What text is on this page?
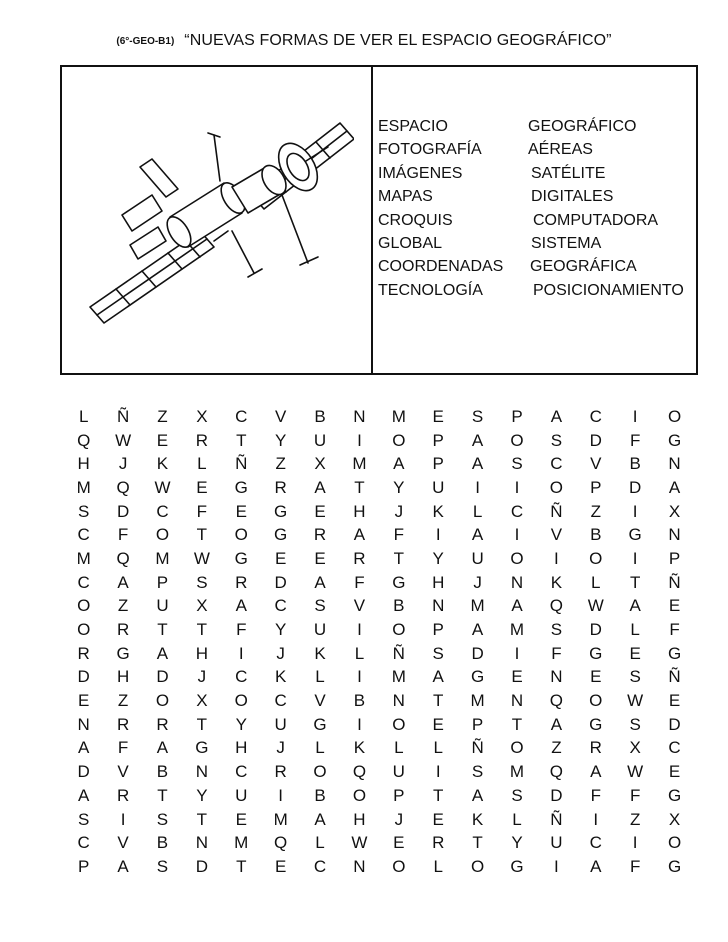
(6°-GEO-B1) “NUEVAS FORMAS DE VER EL ESPACIO GEOGRÁFICO”
ESPACIO	GEOGRÁFICO
FOTOGRAFÍA	AÉREAS
IMÁGENES	SATÉLITE
MAPAS	DIGITALES
CROQUIS	COMPUTADORA
GLOBAL	SISTEMA
COORDENADAS	GEOGRÁFICA
TECNOLOGÍA	POSICIONAMIENTO
L	Ñ	Z	X	C	V	B	N	M	E	S	P	A	C	I	O
Q	W	E	R	T	Y	U	I	O	P	A	O	S	D	F	G
H	J	K	L	Ñ	Z	X	M	A	P	A	S	C	V	B	N
M	Q	W	E	G	R	A	T	Y	U	I	I	O	P	D	A
S	D	C	F	E	G	E	H	J	K	L	C	Ñ	Z	I	X
C	F	O	T	O	G	R	A	F	I	A	I	V	B	G	N
M	Q	M	W	G	E	E	R	T	Y	U	O	I	O	I	P
C	A	P	S	R	D	A	F	G	H	J	N	K	L	T	Ñ
O	Z	U	X	A	C	S	V	B	N	M	A	Q	W	A	E
O	R	T	T	F	Y	U	I	O	P	A	M	S	D	L	F
R	G	A	H	I	J	K	L	Ñ	S	D	I	F	G	E	G
D	H	D	J	C	K	L	I	M	A	G	E	N	E	S	Ñ
E	Z	O	X	O	C	V	B	N	T	M	N	Q	O	W	E
N	R	R	T	Y	U	G	I	O	E	P	T	A	G	S	D
A	F	A	G	H	J	L	K	L	L	Ñ	O	Z	R	X	C
D	V	B	N	C	R	O	Q	U	I	S	M	Q	A	W	E
A	R	T	Y	U	I	B	O	P	T	A	S	D	F	F	G
S	I	S	T	E	M	A	H	J	E	K	L	Ñ	I	Z	X
C	V	B	N	M	Q	L	W	E	R	T	Y	U	C	I	O
P	A	S	D	T	E	C	N	O	L	O	G	I	A	F	G
